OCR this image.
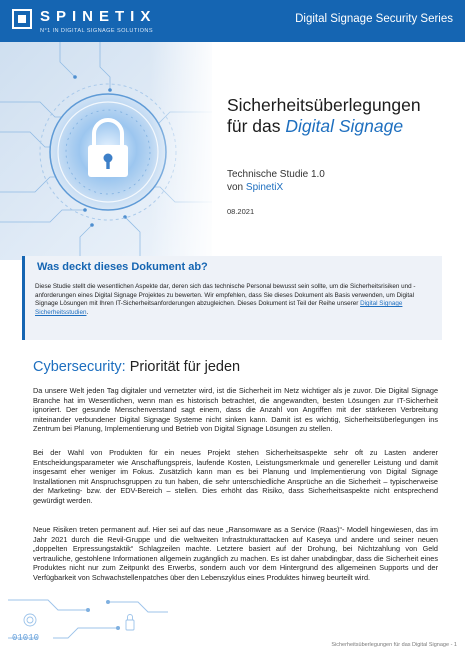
SPINETIX
N°1 IN DIGITAL SIGNAGE SOLUTIONS
Digital Signage Security Series
Sicherheitsüberlegungen
für das Digital Signage
Technische Studie 1.0
von SpinetiX
08.2021
Was deckt dieses Dokument ab?
Diese Studie stellt die wesentlichen Aspekte dar, deren sich das technische Personal bewusst sein sollte, um die Sicherheitsrisiken und -anforderungen eines Digital Signage Projektes zu bewerten. Wir empfehlen, dass Sie dieses Dokument als Basis verwenden, um Digital Signage Lösungen mit Ihren IT-Sicherheitsanforderungen abzugleichen. Dieses Dokument ist Teil der Reihe unserer Digital Signage Sicherheitsstudien.
Cybersecurity: Priorität für jeden

Da unsere Welt jeden Tag digitaler und vernetzter wird, ist die Sicherheit im Netz wichtiger als je zuvor. Die Digital Signage Branche hat im Wesentlichen, wenn man es historisch betrachtet, die angewandten, besten Lösungen zur IT-Sicherheit ignoriert. Der gesunde Menschenverstand sagt einem, dass die Anzahl von Angriffen mit der stärkeren Verbreitung miteinander verbundener Digital Signage Systeme nicht sinken kann. Damit ist es wichtig, Sicherheitsüberlegungen ins Zentrum bei Planung, Implementierung und Betrieb von Digital Signage Lösungen zu stellen.

Bei der Wahl von Produkten für ein neues Projekt stehen Sicherheitsaspekte sehr oft zu Lasten anderer Entscheidungsparameter wie Anschaffungspreis, laufende Kosten, Leistungsmerkmale und genereller Leistung und damit insgesamt eher weniger im Fokus. Zusätzlich kann man es bei Planung und Implementierung von Digital Signage Installationen mit Anspruchsgruppen zu tun haben, die sehr unterschiedliche Ansprüche an die Sicherheit – typischerweise der Marketing- bzw. der EDV-Bereich – stellen. Dies erhöht das Risiko, dass Sicherheitsaspekte nicht entsprechend gewürdigt werden.

Neue Risiken treten permanent auf. Hier sei auf das neue „Ransomware as a Service (Raas)“- Modell hingewiesen, das im Jahr 2021 durch die Revil-Gruppe und die weltweiten Infrastrukturattacken auf Kaseya und andere und seiner neuen „doppelten Erpressungstaktik“ Schlagzeilen machte. Letztere basiert auf der Drohung, bei Nichtzahlung von Geld vertrauliche, gestohlene Informationen allgemein zugänglich zu machen. Es ist daher unabdingbar, dass die Sicherheit eines Produktes nicht nur zum Zeitpunkt des Erwerbs, sondern auch vor dem Hintergrund des allgemeinen Supports und der Verfügbarkeit von Schwachstellenpatches über den Lebenszyklus eines Produktes hinweg beurteilt wird.

01010
Sicherheitsüberlegungen für das Digital Signage - 1
